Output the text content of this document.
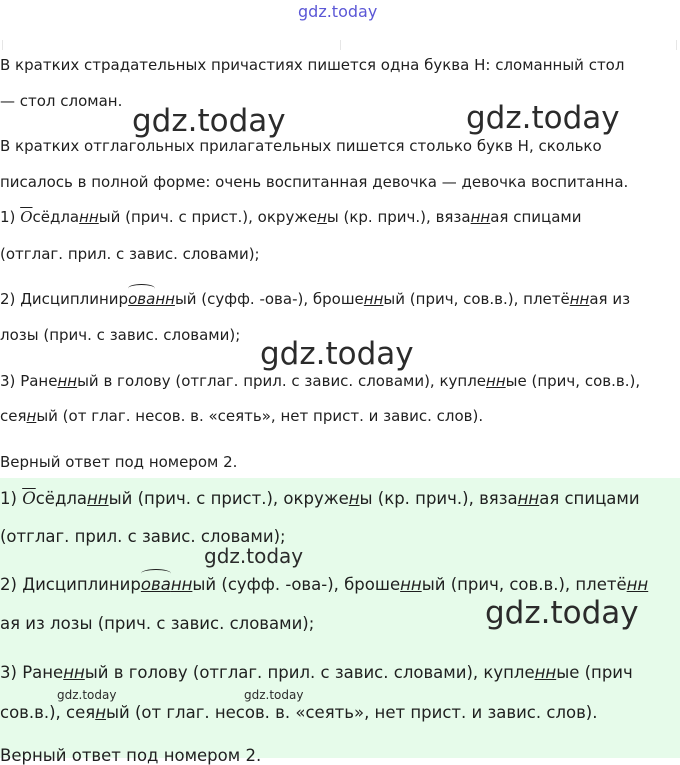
gdz.today
В кратких страдательных причастиях пишется одна буква Н: сломанный стол
— стол сломан.
В кратких отглагольных прилагательных пишется столько букв Н, сколько
писалось в полной форме: очень воспитанная девочка — девочка воспитанна.
1) Осёдланный (прич. с прист.), окружены (кр. прич.), вязанная спицами
(отглаг. прил. с завис. словами);
2) Дисциплинированный (суфф. -ова-), брошенный (прич, сов.в.), плетённая из
лозы (прич. с завис. словами);
3) Раненный в голову (отглаг. прил. с завис. словами), купленные (прич, сов.в.),
сеяный (от глаг. несов. в. «сеять», нет прист. и завис. слов).
Верный ответ под номером 2.
1) Осёдланный (прич. с прист.), окружены (кр. прич.), вязанная спицами
(отглаг. прил. с завис. словами);
2) Дисциплинированный (суфф. -ова-), брошенный (прич, сов.в.), плетённ
ая из лозы (прич. с завис. словами);
3) Раненный в голову (отглаг. прил. с завис. словами), купленные (прич
сов.в.), сеяный (от глаг. несов. в. «сеять», нет прист. и завис. слов).
Верный ответ под номером 2.
gdz.today	gdz.today
gdz.today
gdz.today
gdz.today
gdz.today	gdz.today
